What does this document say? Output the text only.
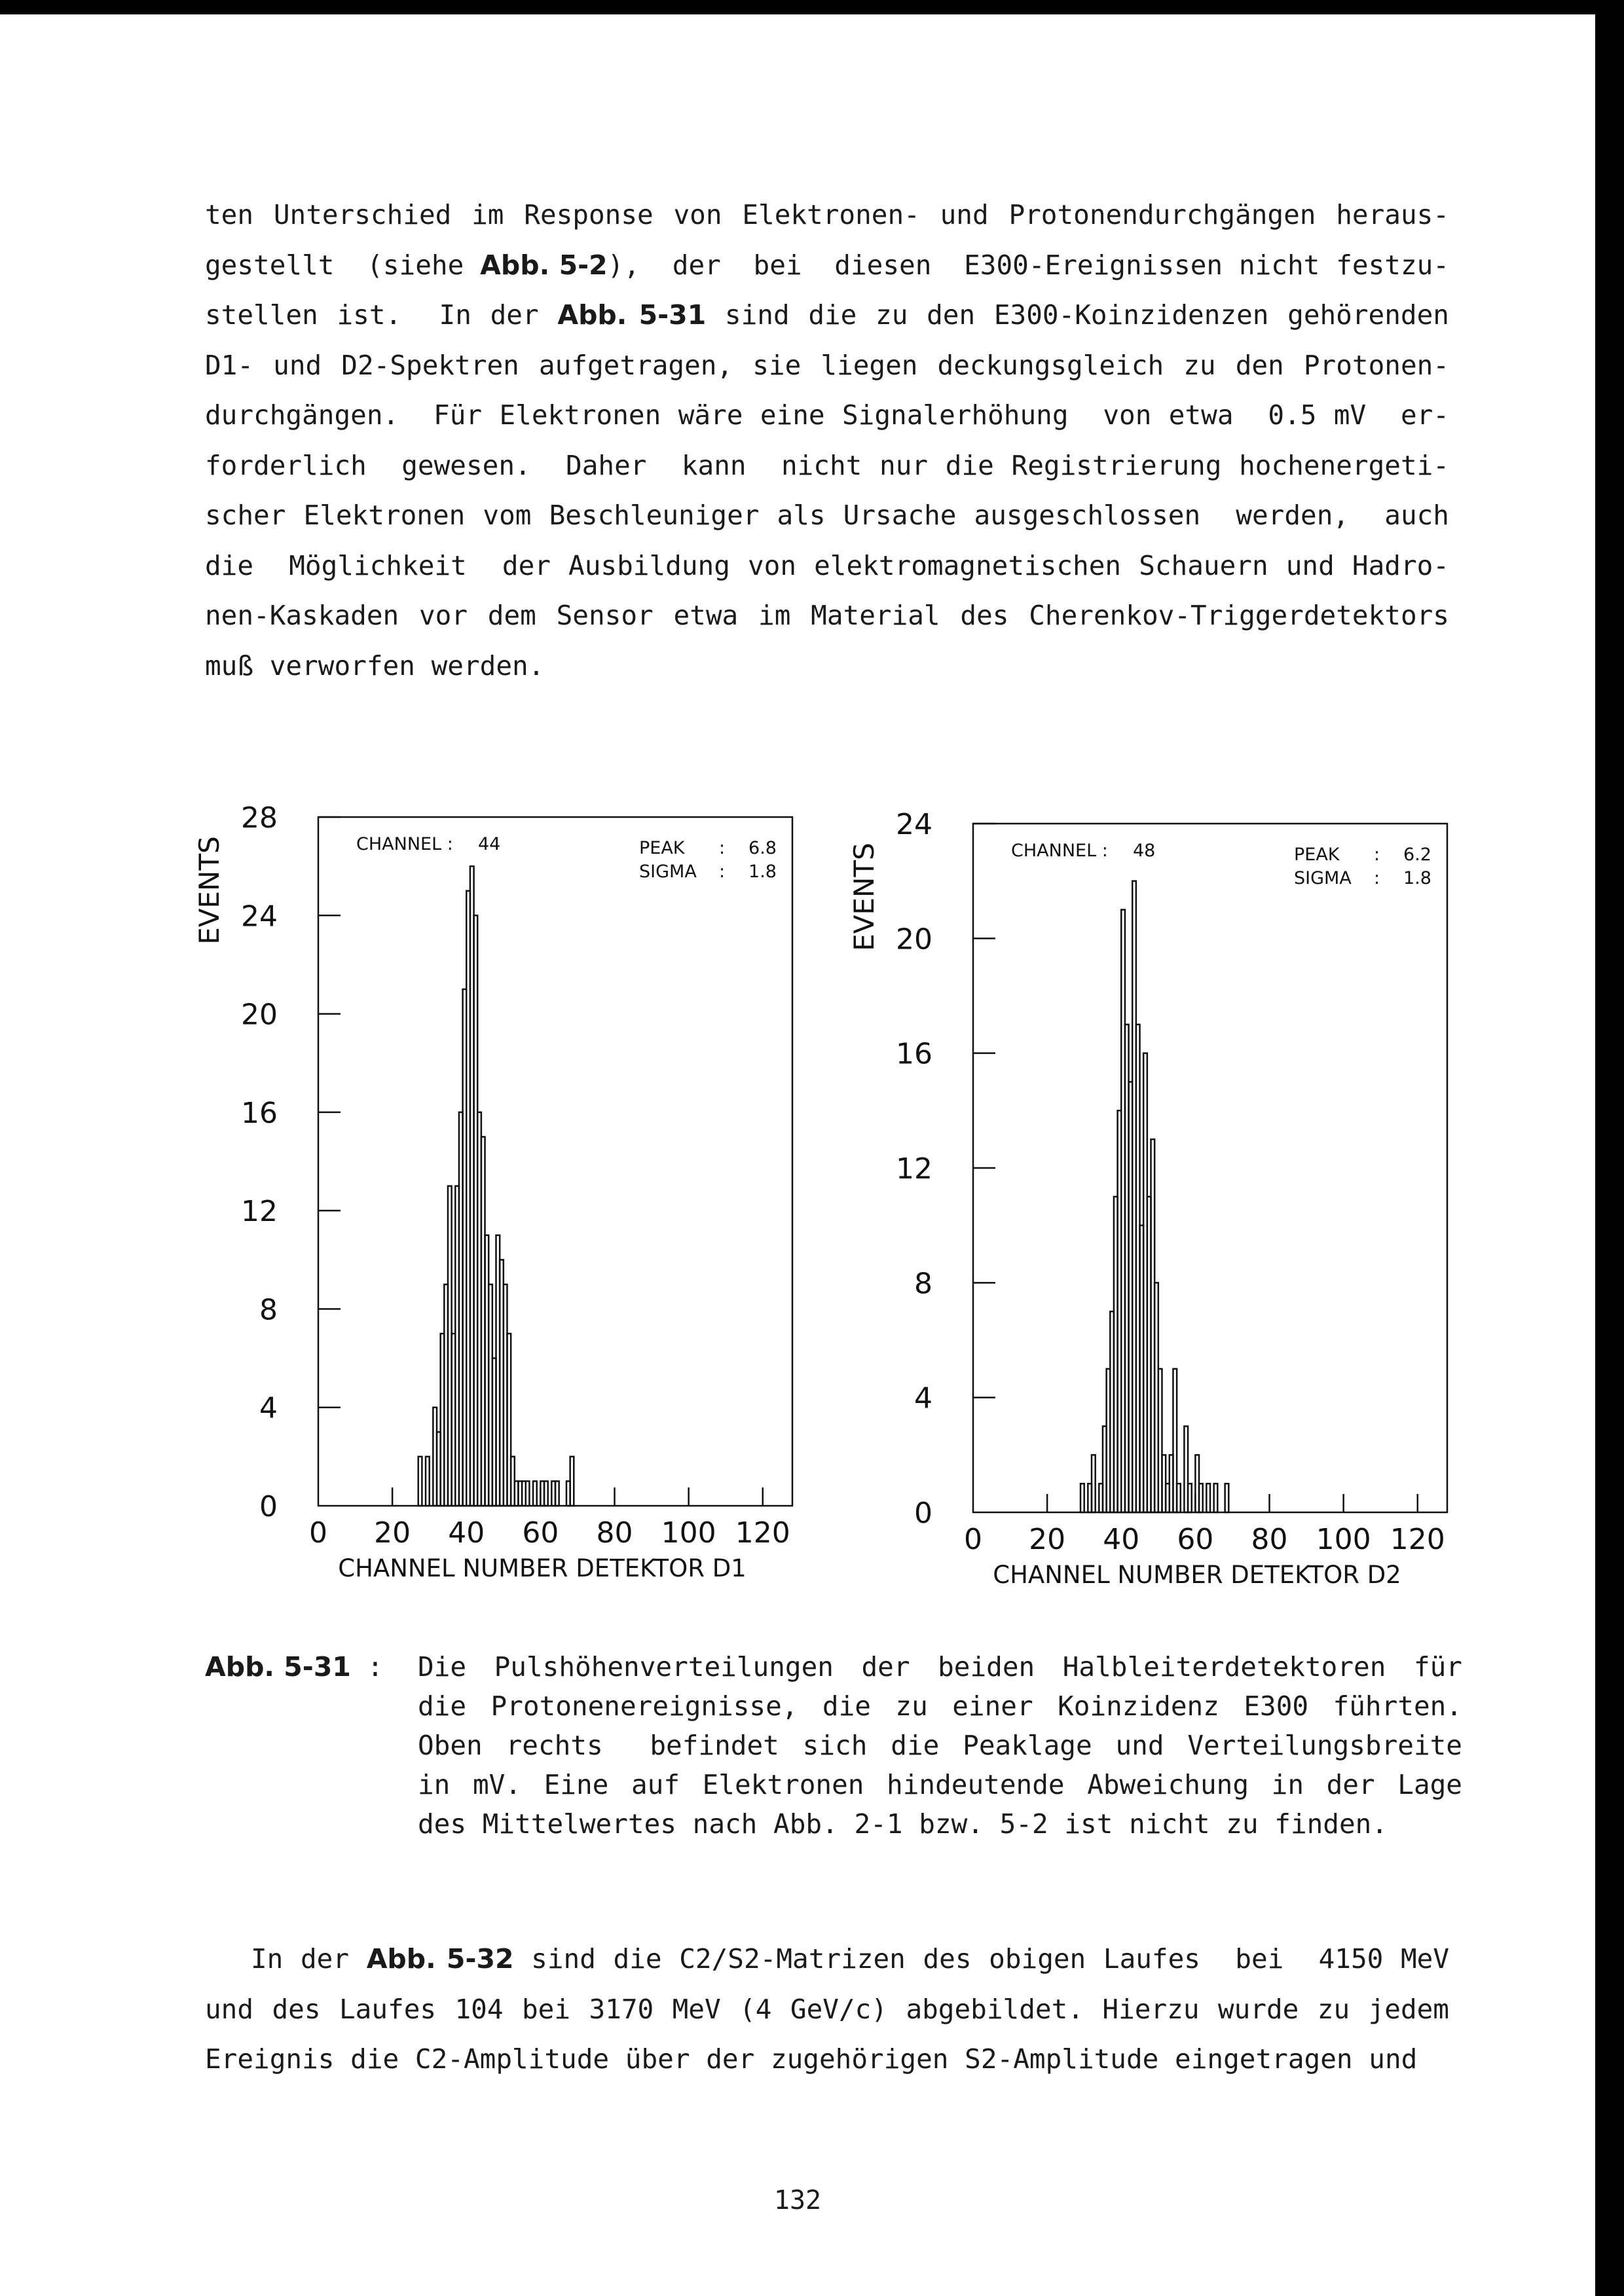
ten Unterschied im Response von Elektronen- und Protonendurchgängen heraus-
gestellt  (siehe Abb. 5-2),  der  bei  diesen  E300-Ereignissen nicht festzu-
stellen ist.  In der Abb. 5-31 sind die zu den E300-Koinzidenzen gehörenden
D1- und D2-Spektren aufgetragen, sie liegen deckungsgleich zu den Protonen-
durchgängen.  Für Elektronen wäre eine Signalerhöhung  von etwa  0.5 mV  er-
forderlich  gewesen.  Daher  kann  nicht nur die Registrierung hochenergeti-
scher Elektronen vom Beschleuniger als Ursache ausgeschlossen  werden,  auch
die  Möglichkeit  der Ausbildung von elektromagnetischen Schauern und Hadro-
nen-Kaskaden vor dem Sensor etwa im Material des Cherenkov-Triggerdetektors
muß verworfen werden.
0
4
8
12
16
20
24
28
0 20 40 60 80 100 120
CHANNEL NUMBER DETEKTOR D1
EVENTS	CHANNEL : 44	PEAK : 6.8
SIGMA : 1.8
0
4
8
12
16
20
24
0 20 40 60 80 100 120
CHANNEL NUMBER DETEKTOR D2
EVENTS	CHANNEL : 48	PEAK : 6.2
SIGMA : 1.8
Abb. 5-31 : Die Pulshöhenverteilungen der beiden Halbleiterdetektoren für
die Protonenereignisse, die zu einer Koinzidenz E300 führten.
Oben rechts  befindet sich die Peaklage und Verteilungsbreite
in mV. Eine auf Elektronen hindeutende Abweichung in der Lage
des Mittelwertes nach Abb. 2-1 bzw. 5-2 ist nicht zu finden.
In der Abb. 5-32 sind die C2/S2-Matrizen des obigen Laufes  bei  4150 MeV
und des Laufes 104 bei 3170 MeV (4 GeV/c) abgebildet. Hierzu wurde zu jedem
Ereignis die C2-Amplitude über der zugehörigen S2-Amplitude eingetragen und
132
